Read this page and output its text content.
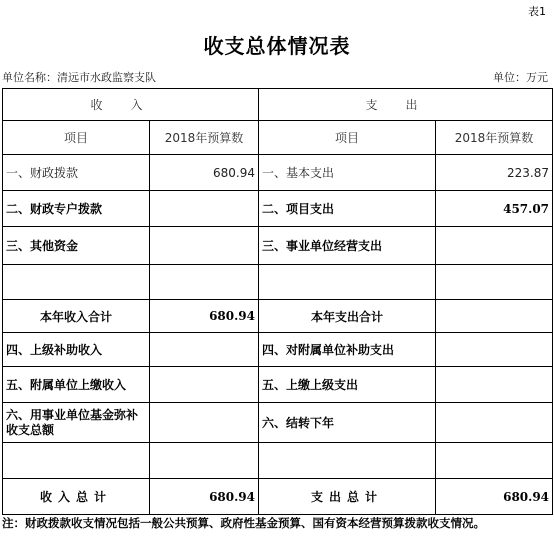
表1
收支总体情况表
单位名称：清远市水政监察支队	单位：万元
收入		支出	
项目	2018年预算数	项目	2018年预算数
一、财政拨款	680.94	一、基本支出	223.87
二、财政专户拨款		二、项目支出	457.07
三、其他资金		三、事业单位经营支出	

本年收入合计	680.94	本年支出合计	
四、上级补助收入		四、对附属单位补助支出	
五、附属单位上缴收入		五、上缴上级支出	
六、用事业单位基金弥补收支总额		六、结转下年	

收入总计	680.94	支出总计	680.94
注：财政拨款收支情况包括一般公共预算、政府性基金预算、国有资本经营预算拨款收支情况。
